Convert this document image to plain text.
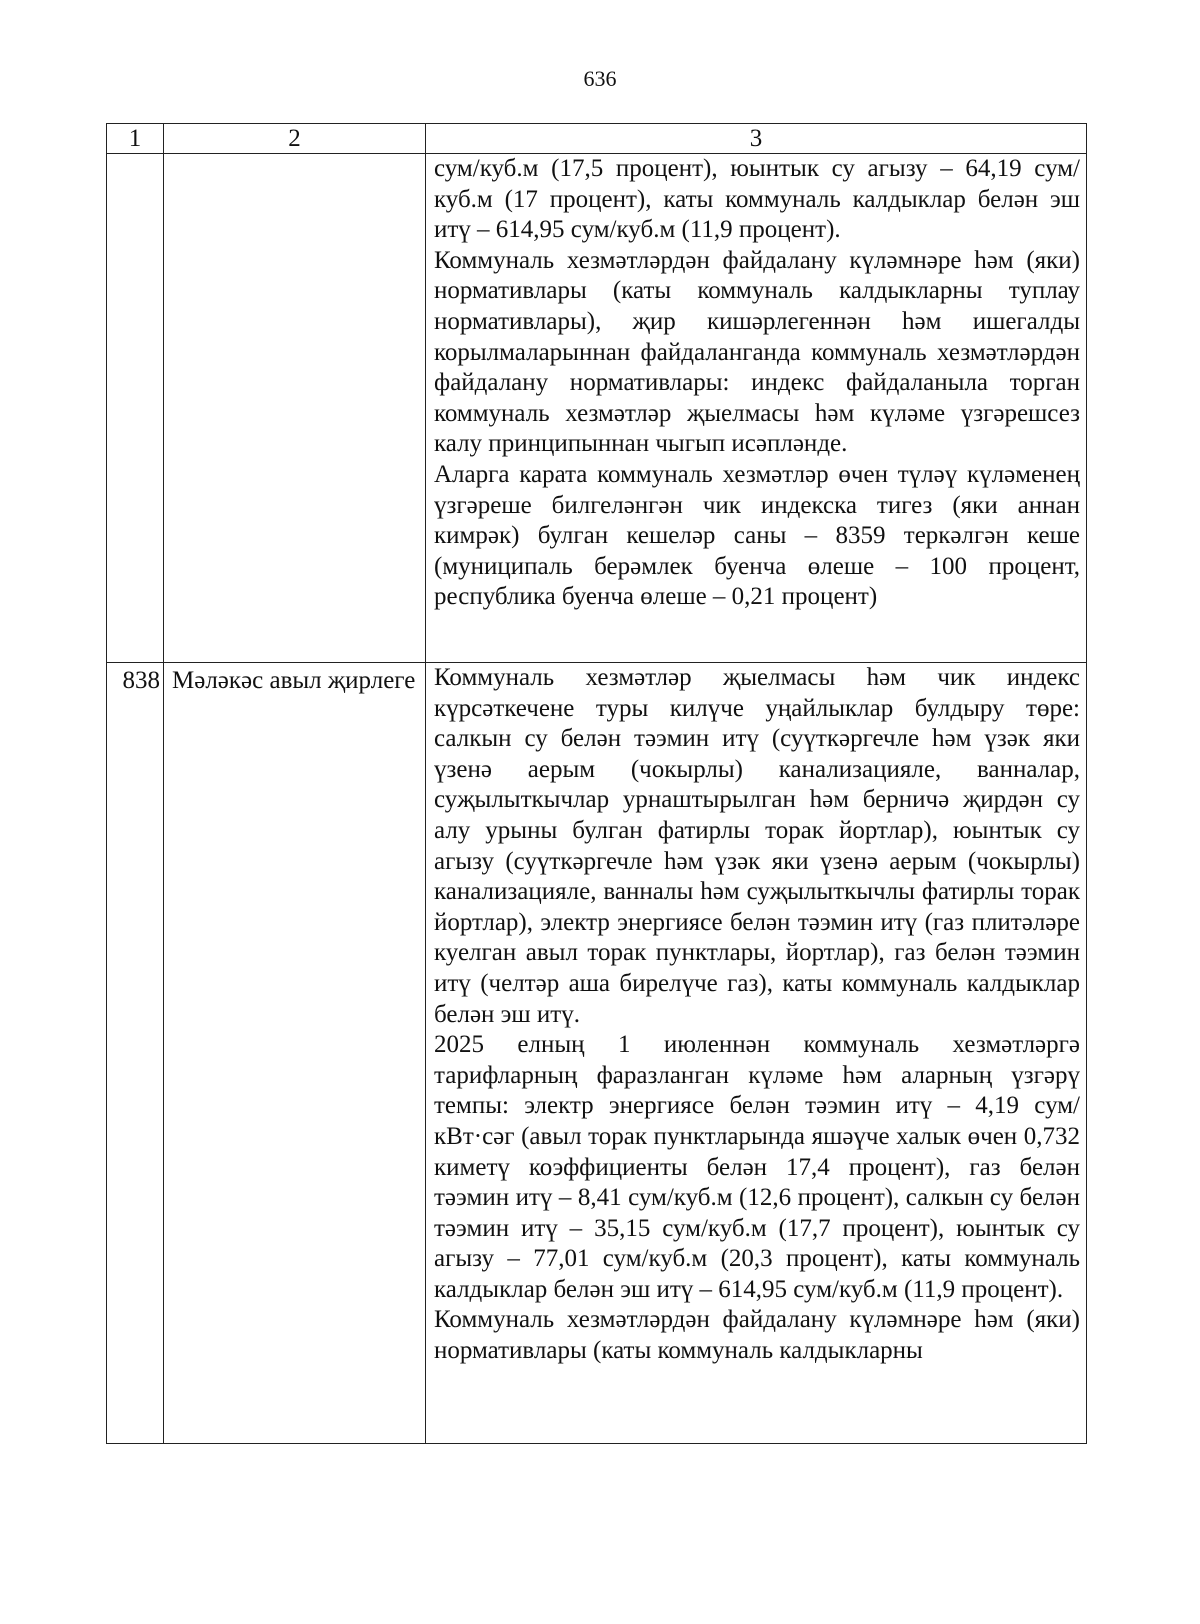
636
1	2	3

		сум/куб.м (17,5 процент), юынтык су агызу – 64,19 сум/куб.м (17 процент), каты коммуналь калдыклар белән эш итү – 614,95 сум/куб.м (11,9 процент).

Коммуналь хезмәтләрдән файдалану күләмнәре һәм (яки) нормативлары (каты коммуналь калдыкларны туплау нормативлары), җир кишәрлегеннән һәм ишегалды корылмаларыннан файдаланганда коммуналь хезмәтләрдән файдалану нормативлары: индекс файдаланыла торган коммуналь хезмәтләр җыелмасы һәм күләме үзгәрешсез калу принципыннан чыгып исәпләнде.

Аларга карата коммуналь хезмәтләр өчен түләү күләменең үзгәреше билгеләнгән чик индекска тигез (яки аннан кимрәк) булган кешеләр саны – 8359 теркәлгән кеше (муниципаль берәмлек буенча өлеше – 100 процент, республика буенча өлеше – 0,21 процент)

838	Мәләкәс авыл җирлеге	Коммуналь хезмәтләр җыелмасы һәм чик индекс күрсәткечене туры килүче уңайлыклар булдыру төре: салкын су белән тәэмин итү (суүткәргечле һәм үзәк яки үзенә аерым (чокырлы) канализацияле, ванналар, суҗылыткычлар урнаштырылган һәм берничә җирдән су алу урыны булган фатирлы торак йортлар), юынтык су агызу (суүткәргечле һәм үзәк яки үзенә аерым (чокырлы) канализацияле, ванналы һәм суҗылыткычлы фатирлы торак йортлар), электр энергиясе белән тәэмин итү (газ плитәләре куелган авыл торак пунктлары, йортлар), газ белән тәэмин итү (челтәр аша бирелүче газ), каты коммуналь калдыклар белән эш итү.

2025 елның 1 июленнән коммуналь хезмәтләргә тарифларның фаразланган күләме һәм аларның үзгәрү темпы: электр энергиясе белән тәэмин итү – 4,19 сум/кВт·сәг (авыл торак пунктларында яшәүче халык өчен 0,732 киметү коэффициенты белән 17,4 процент), газ белән тәэмин итү – 8,41 сум/куб.м (12,6 процент), салкын су белән тәэмин итү – 35,15 сум/куб.м (17,7 процент), юынтык су агызу – 77,01 сум/куб.м (20,3 процент), каты коммуналь калдыклар белән эш итү – 614,95 сум/куб.м (11,9 процент).

Коммуналь хезмәтләрдән файдалану күләмнәре һәм (яки) нормативлары (каты коммуналь калдыкларны
